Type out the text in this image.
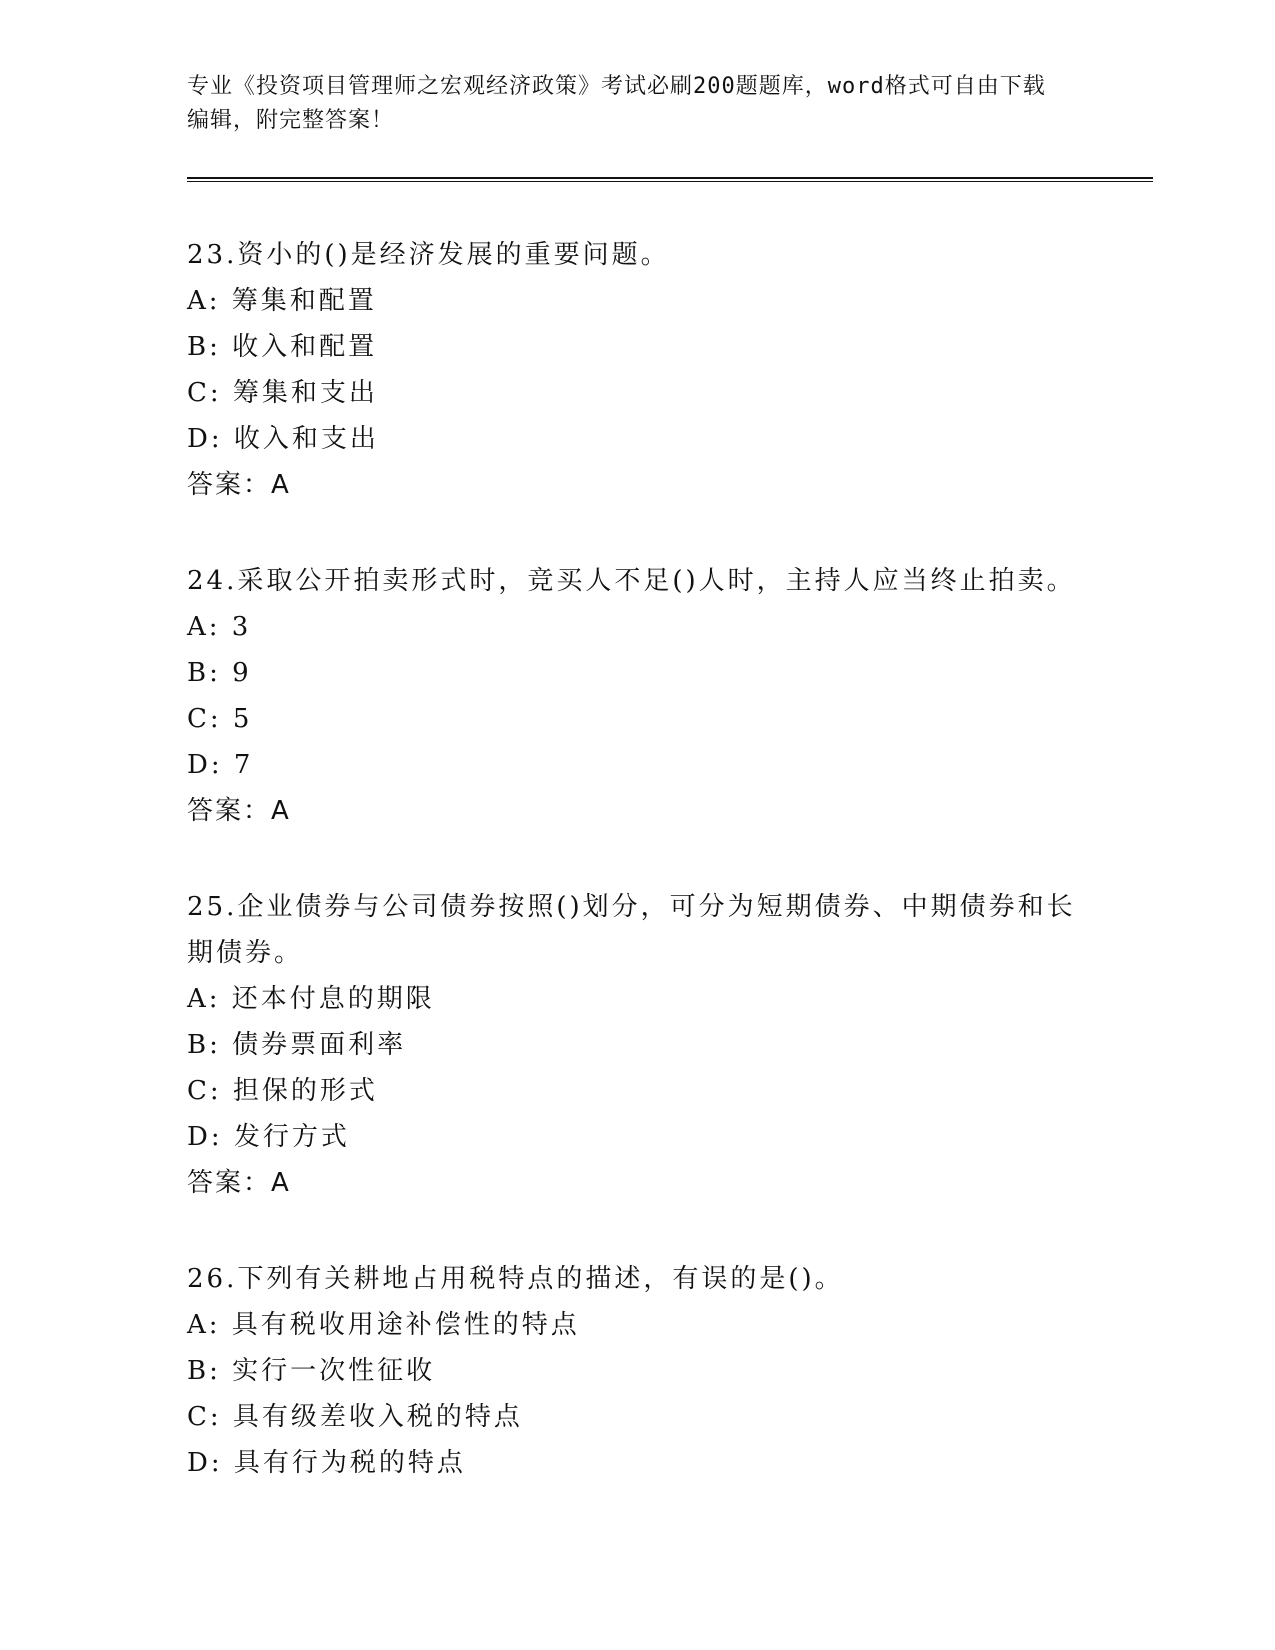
专业《投资项目管理师之宏观经济政策》考试必刷200题题库，word格式可自由下载编辑，附完整答案！

23.资小的()是经济发展的重要问题。

A: 筹集和配置

B: 收入和配置

C: 筹集和支出

D: 收入和支出

答案：A

24.采取公开拍卖形式时，竞买人不足()人时，主持人应当终止拍卖。

A: 3

B: 9

C: 5

D: 7

答案：A

25.企业债券与公司债券按照()划分，可分为短期债券、中期债券和长期债券。

A: 还本付息的期限

B: 债券票面利率

C: 担保的形式

D: 发行方式

答案：A

26.下列有关耕地占用税特点的描述，有误的是()。

A: 具有税收用途补偿性的特点

B: 实行一次性征收

C: 具有级差收入税的特点

D: 具有行为税的特点
